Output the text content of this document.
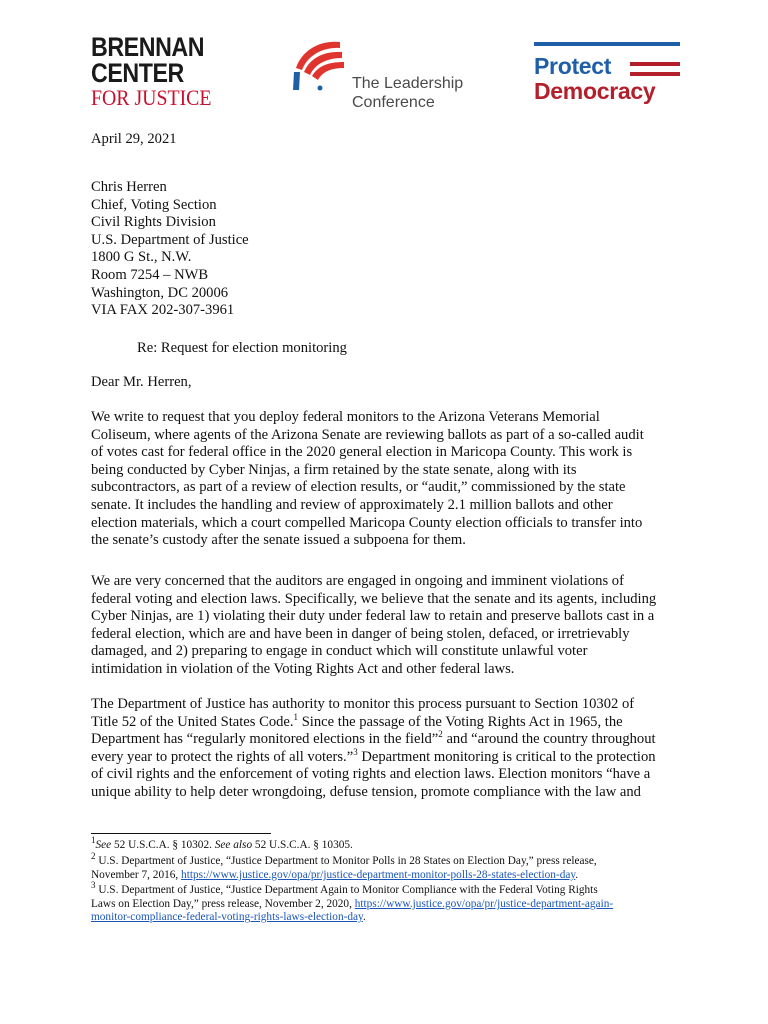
BRENNAN
CENTER
FOR JUSTICE
The Leadership
Conference
Protect
Democracy
April 29, 2021
Chris Herren
Chief, Voting Section
Civil Rights Division
U.S. Department of Justice
1800 G St., N.W.
Room 7254 – NWB
Washington, DC 20006
VIA FAX 202-307-3961
Re: Request for election monitoring
Dear Mr. Herren,
We write to request that you deploy federal monitors to the Arizona Veterans Memorial
Coliseum, where agents of the Arizona Senate are reviewing ballots as part of a so-called audit
of votes cast for federal office in the 2020 general election in Maricopa County. This work is
being conducted by Cyber Ninjas, a firm retained by the state senate, along with its
subcontractors, as part of a review of election results, or “audit,” commissioned by the state
senate. It includes the handling and review of approximately 2.1 million ballots and other
election materials, which a court compelled Maricopa County election officials to transfer into
the senate’s custody after the senate issued a subpoena for them.
We are very concerned that the auditors are engaged in ongoing and imminent violations of
federal voting and election laws. Specifically, we believe that the senate and its agents, including
Cyber Ninjas, are 1) violating their duty under federal law to retain and preserve ballots cast in a
federal election, which are and have been in danger of being stolen, defaced, or irretrievably
damaged, and 2) preparing to engage in conduct which will constitute unlawful voter
intimidation in violation of the Voting Rights Act and other federal laws.
The Department of Justice has authority to monitor this process pursuant to Section 10302 of
Title 52 of the United States Code.$^1$ Since the passage of the Voting Rights Act in 1965, the
Department has “regularly monitored elections in the field”$^2$ and “around the country throughout
every year to protect the rights of all voters.”$^3$ Department monitoring is critical to the protection
of civil rights and the enforcement of voting rights and election laws. Election monitors “have a
unique ability to help deter wrongdoing, defuse tension, promote compliance with the law and
$^1$See 52 U.S.C.A. § 10302. See also 52 U.S.C.A. § 10305.
$^2$ U.S. Department of Justice, “Justice Department to Monitor Polls in 28 States on Election Day,” press release,
November 7, 2016, https://www.justice.gov/opa/pr/justice-department-monitor-polls-28-states-election-day.
$^3$ U.S. Department of Justice, “Justice Department Again to Monitor Compliance with the Federal Voting Rights
Laws on Election Day,” press release, November 2, 2020, https://www.justice.gov/opa/pr/justice-department-again-
monitor-compliance-federal-voting-rights-laws-election-day.
